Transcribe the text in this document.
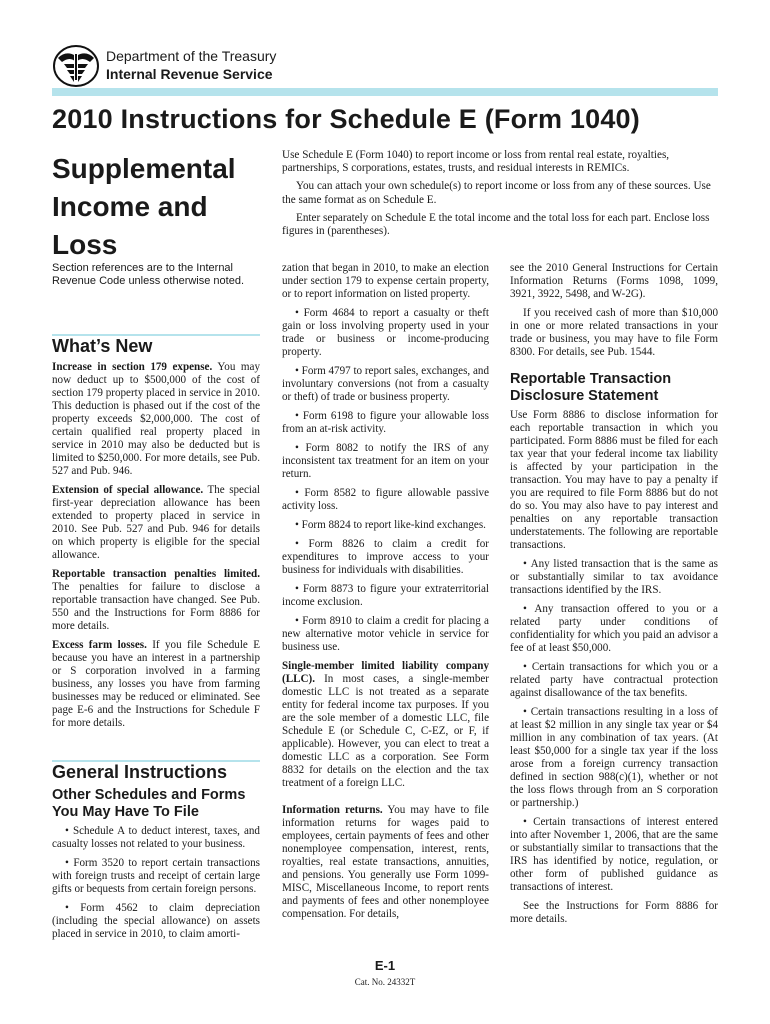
Department of the Treasury
Internal Revenue Service
2010 Instructions for Schedule E (Form 1040)
Supplemental Income and Loss

Use Schedule E (Form 1040) to report income or loss from rental real estate, royalties, partnerships, S corporations, estates, trusts, and residual interests in REMICs.

You can attach your own schedule(s) to report income or loss from any of these sources. Use the same format as on Schedule E.

Enter separately on Schedule E the total income and the total loss for each part. Enclose loss figures in (parentheses).

Section references are to the Internal Revenue Code unless otherwise noted.

What’s New

Increase in section 179 expense. You may now deduct up to $500,000 of the cost of section 179 property placed in service in 2010. This deduction is phased out if the cost of the property exceeds $2,000,000. The cost of certain qualified real property placed in service in 2010 may also be deducted but is limited to $250,000. For more details, see Pub. 527 and Pub. 946.

Extension of special allowance. The special first-year depreciation allowance has been extended to property placed in service in 2010. See Pub. 527 and Pub. 946 for details on which property is eligible for the special allowance.

Reportable transaction penalties limited. The penalties for failure to disclose a reportable transaction have changed. See Pub. 550 and the Instructions for Form 8886 for more details.

Excess farm losses. If you file Schedule E because you have an interest in a partnership or S corporation involved in a farming business, any losses you have from farming businesses may be reduced or eliminated. See page E-6 and the Instructions for Schedule F for more details.

General Instructions
Other Schedules and Forms You May Have To File

• Schedule A to deduct interest, taxes, and casualty losses not related to your business.

• Form 3520 to report certain transactions with foreign trusts and receipt of certain large gifts or bequests from certain foreign persons.

• Form 4562 to claim depreciation (including the special allowance) on assets placed in service in 2010, to claim amorti-

zation that began in 2010, to make an election under section 179 to expense certain property, or to report information on listed property.

• Form 4684 to report a casualty or theft gain or loss involving property used in your trade or business or income-producing property.

• Form 4797 to report sales, exchanges, and involuntary conversions (not from a casualty or theft) of trade or business property.

• Form 6198 to figure your allowable loss from an at-risk activity.

• Form 8082 to notify the IRS of any inconsistent tax treatment for an item on your return.

• Form 8582 to figure allowable passive activity loss.

• Form 8824 to report like-kind exchanges.

• Form 8826 to claim a credit for expenditures to improve access to your business for individuals with disabilities.

• Form 8873 to figure your extraterritorial income exclusion.

• Form 8910 to claim a credit for placing a new alternative motor vehicle in service for business use.

Single-member limited liability company (LLC). In most cases, a single-member domestic LLC is not treated as a separate entity for federal income tax purposes. If you are the sole member of a domestic LLC, file Schedule E (or Schedule C, C-EZ, or F, if applicable). However, you can elect to treat a domestic LLC as a corporation. See Form 8832 for details on the election and the tax treatment of a foreign LLC.

Information returns. You may have to file information returns for wages paid to employees, certain payments of fees and other nonemployee compensation, interest, rents, royalties, real estate transactions, annuities, and pensions. You generally use Form 1099-MISC, Miscellaneous Income, to report rents and payments of fees and other nonemployee compensation. For details,

see the 2010 General Instructions for Certain Information Returns (Forms 1098, 1099, 3921, 3922, 5498, and W-2G).

If you received cash of more than $10,000 in one or more related transactions in your trade or business, you may have to file Form 8300. For details, see Pub. 1544.

Reportable Transaction Disclosure Statement

Use Form 8886 to disclose information for each reportable transaction in which you participated. Form 8886 must be filed for each tax year that your federal income tax liability is affected by your participation in the transaction. You may have to pay a penalty if you are required to file Form 8886 but do not do so. You may also have to pay interest and penalties on any reportable transaction understatements. The following are reportable transactions.

• Any listed transaction that is the same as or substantially similar to tax avoidance transactions identified by the IRS.

• Any transaction offered to you or a related party under conditions of confidentiality for which you paid an advisor a fee of at least $50,000.

• Certain transactions for which you or a related party have contractual protection against disallowance of the tax benefits.

• Certain transactions resulting in a loss of at least $2 million in any single tax year or $4 million in any combination of tax years. (At least $50,000 for a single tax year if the loss arose from a foreign currency transaction defined in section 988(c)(1), whether or not the loss flows through from an S corporation or partnership.)

• Certain transactions of interest entered into after November 1, 2006, that are the same or substantially similar to transactions that the IRS has identified by notice, regulation, or other form of published guidance as transactions of interest.

See the Instructions for Form 8886 for more details.

E-1
Cat. No. 24332T
